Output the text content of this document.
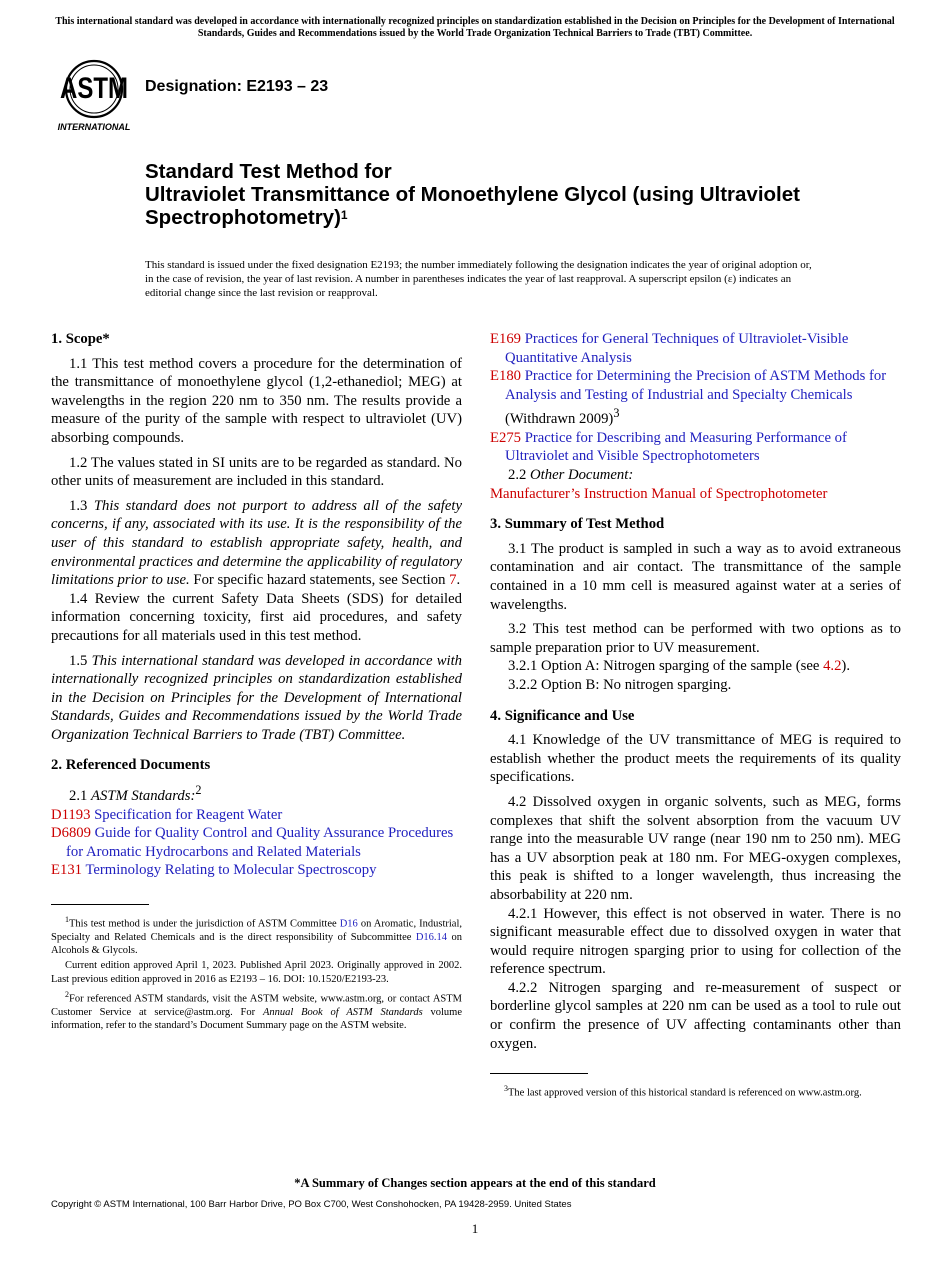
This international standard was developed in accordance with internationally recognized principles on standardization established in the Decision on Principles for the Development of International Standards, Guides and Recommendations issued by the World Trade Organization Technical Barriers to Trade (TBT) Committee.
ASTM
INTERNATIONAL
Designation: E2193 – 23
Standard Test Method for
Ultraviolet Transmittance of Monoethylene Glycol (using Ultraviolet Spectrophotometry)$^1$
This standard is issued under the fixed designation E2193; the number immediately following the designation indicates the year of original adoption or, in the case of revision, the year of last revision. A number in parentheses indicates the year of last reapproval. A superscript epsilon (ε) indicates an editorial change since the last revision or reapproval.
1. Scope*

1.1 This test method covers a procedure for the determination of the transmittance of monoethylene glycol (1,2-ethanediol; MEG) at wavelengths in the region 220 nm to 350 nm. The results provide a measure of the purity of the sample with respect to ultraviolet (UV) absorbing compounds.

1.2 The values stated in SI units are to be regarded as standard. No other units of measurement are included in this standard.

1.3 This standard does not purport to address all of the safety concerns, if any, associated with its use. It is the responsibility of the user of this standard to establish appropriate safety, health, and environmental practices and determine the applicability of regulatory limitations prior to use. For specific hazard statements, see Section 7.

1.4 Review the current Safety Data Sheets (SDS) for detailed information concerning toxicity, first aid procedures, and safety precautions for all materials used in this test method.

1.5 This international standard was developed in accordance with internationally recognized principles on standardization established in the Decision on Principles for the Development of International Standards, Guides and Recommendations issued by the World Trade Organization Technical Barriers to Trade (TBT) Committee.

2. Referenced Documents

2.1 ASTM Standards:$^2$

D1193 Specification for Reagent Water
D6809 Guide for Quality Control and Quality Assurance Procedures for Aromatic Hydrocarbons and Related Materials
E131 Terminology Relating to Molecular Spectroscopy

$^1$This test method is under the jurisdiction of ASTM Committee D16 on Aromatic, Industrial, Specialty and Related Chemicals and is the direct responsibility of Subcommittee D16.14 on Alcohols & Glycols.

Current edition approved April 1, 2023. Published April 2023. Originally approved in 2002. Last previous edition approved in 2016 as E2193 – 16. DOI: 10.1520/E2193-23.

$^2$For referenced ASTM standards, visit the ASTM website, www.astm.org, or contact ASTM Customer Service at service@astm.org. For Annual Book of ASTM Standards volume information, refer to the standard’s Document Summary page on the ASTM website.

E169 Practices for General Techniques of Ultraviolet-Visible Quantitative Analysis
E180 Practice for Determining the Precision of ASTM Methods for Analysis and Testing of Industrial and Specialty Chemicals (Withdrawn 2009)$^3$
E275 Practice for Describing and Measuring Performance of Ultraviolet and Visible Spectrophotometers

2.2 Other Document:

Manufacturer’s Instruction Manual of Spectrophotometer
3. Summary of Test Method

3.1 The product is sampled in such a way as to avoid extraneous contamination and air contact. The transmittance of the sample contained in a 10 mm cell is measured against water at a series of wavelengths.

3.2 This test method can be performed with two options as to sample preparation prior to UV measurement.

3.2.1 Option A: Nitrogen sparging of the sample (see 4.2).

3.2.2 Option B: No nitrogen sparging.

4. Significance and Use

4.1 Knowledge of the UV transmittance of MEG is required to establish whether the product meets the requirements of its quality specifications.

4.2 Dissolved oxygen in organic solvents, such as MEG, forms complexes that shift the solvent absorption from the vacuum UV range into the measurable UV range (near 190 nm to 250 nm). MEG has a UV absorption peak at 180 nm. For MEG-oxygen complexes, this peak is shifted to a longer wavelength, thus increasing the absorbability at 220 nm.

4.2.1 However, this effect is not observed in water. There is no significant measurable effect due to dissolved oxygen in water that would require nitrogen sparging prior to using for collection of the reference spectrum.

4.2.2 Nitrogen sparging and re-measurement of suspect or borderline glycol samples at 220 nm can be used as a tool to rule out or confirm the presence of UV affecting contaminants other than oxygen.

$^3$The last approved version of this historical standard is referenced on www.astm.org.

*A Summary of Changes section appears at the end of this standard
Copyright © ASTM International, 100 Barr Harbor Drive, PO Box C700, West Conshohocken, PA 19428-2959. United States
1
